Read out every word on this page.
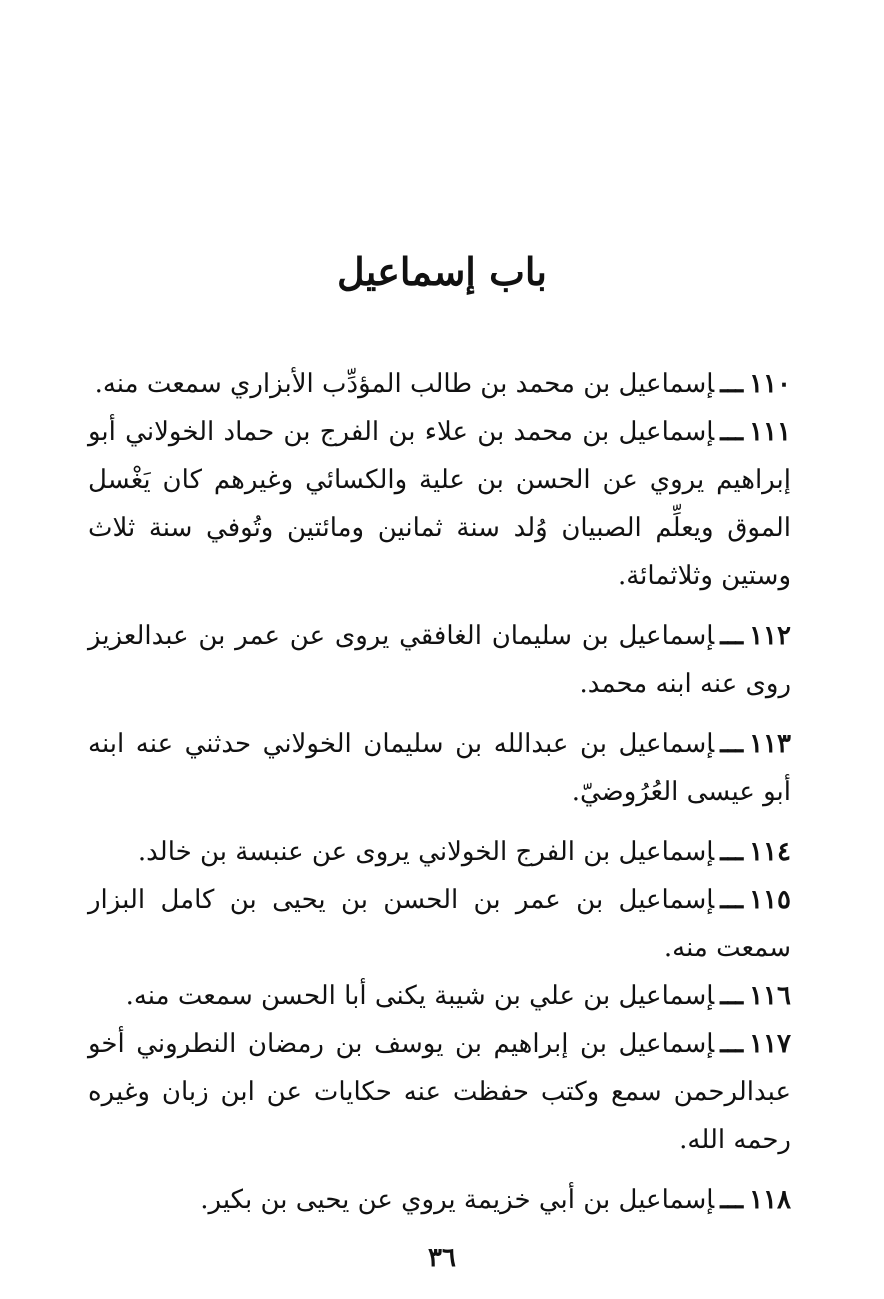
باب إسماعيل

١١٠ـــإسماعيل بن محمد بن طالب المؤدِّب الأبزاري سمعت منه.

١١١ـــإسماعيل بن محمد بن علاء بن الفرج بن حماد الخولاني أبو إبراهيم يروي عن الحسن بن علية والكسائي وغيرهم كان يَغْسل الموق ويعلِّم الصبيان وُلد سنة ثمانين ومائتين وتُوفي سنة ثلاث وستين وثلاثمائة.

١١٢ـــإسماعيل بن سليمان الغافقي يروى عن عمر بن عبدالعزيز روى عنه ابنه محمد.

١١٣ـــإسماعيل بن عبدالله بن سليمان الخولاني حدثني عنه ابنه أبو عيسى العُرُوضيّ.

١١٤ـــإسماعيل بن الفرج الخولاني يروى عن عنبسة بن خالد.

١١٥ـــإسماعيل بن عمر بن الحسن بن يحيى بن كامل البزار سمعت منه.

١١٦ـــإسماعيل بن علي بن شيبة يكنى أبا الحسن سمعت منه.

١١٧ـــإسماعيل بن إبراهيم بن يوسف بن رمضان النطروني أخو عبدالرحمن سمع وكتب حفظت عنه حكايات عن ابن زبان وغيره رحمه الله.

١١٨ـــإسماعيل بن أبي خزيمة يروي عن يحيى بن بكير.

٣٦
